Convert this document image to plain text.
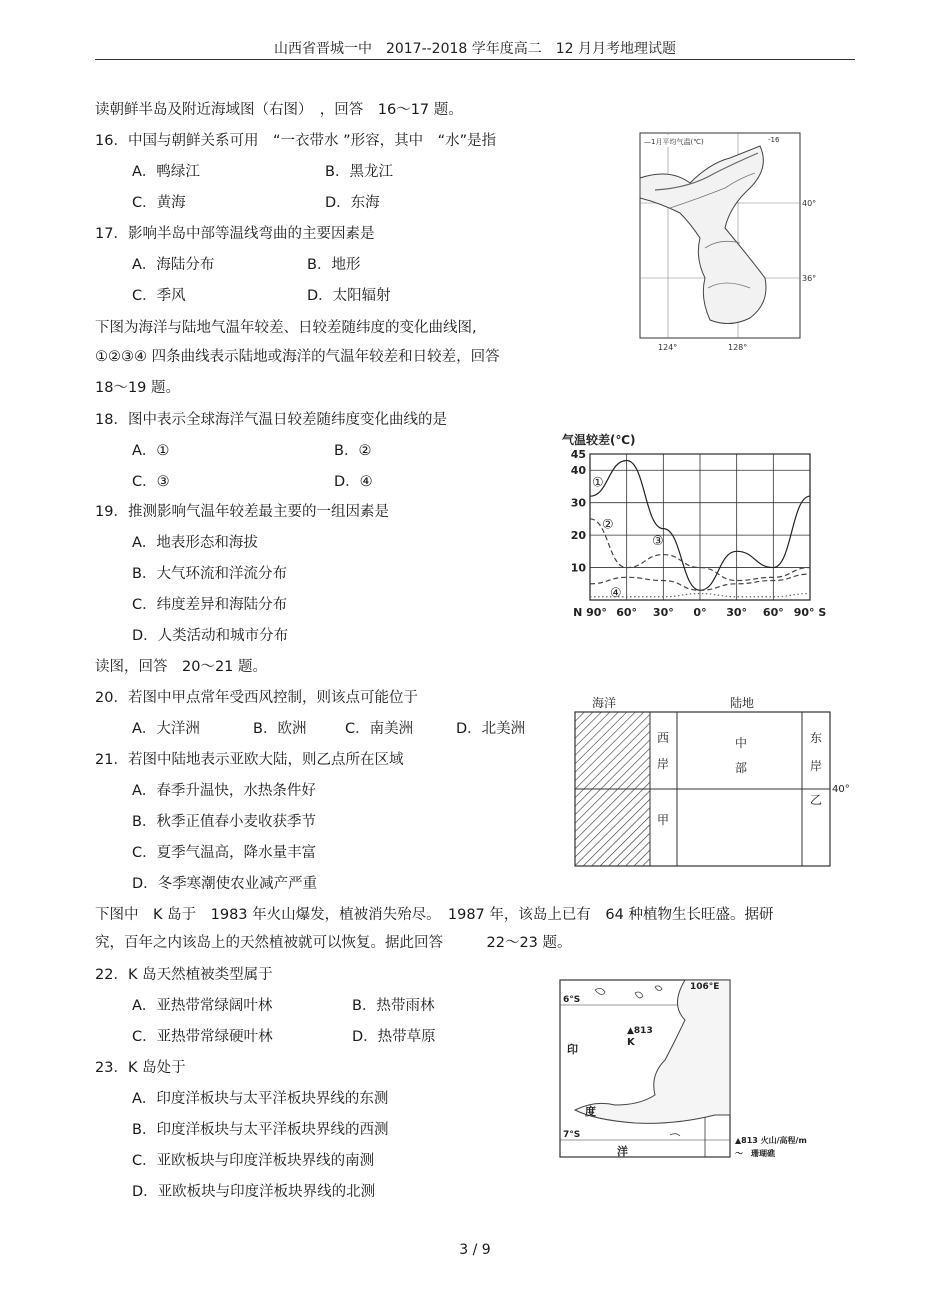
山西省晋城一中　2017--2018 学年度高二　12 月月考地理试题
读朝鲜半岛及附近海域图（右图）　，回答　16～17 题。
16．中国与朝鲜关系可用　“一衣带水 ”形容，其中　“水”是指
A．鸭绿江	B．黑龙江
C．黄海	D．东海
17．影响半岛中部等温线弯曲的主要因素是
A．海陆分布	B．地形
C．季风	D．太阳辐射
下图为海洋与陆地气温年较差、日较差随纬度的变化曲线图,
①②③④ 四条曲线表示陆地或海洋的气温年较差和日较差，回答
18～19 题。
18．图中表示全球海洋气温日较差随纬度变化曲线的是
A．①	B．②
C．③	D．④
19．推测影响气温年较差最主要的一组因素是
A．地表形态和海拔
B．大气环流和洋流分布
C．纬度差异和海陆分布
D．人类活动和城市分布
读图，回答　20～21 题。
20．若图中甲点常年受西风控制，则该点可能位于
A．大洋洲	B．欧洲	C．南美洲	D．北美洲
21．若图中陆地表示亚欧大陆，则乙点所在区域
A．春季升温快，水热条件好
B．秋季正值春小麦收获季节
C．夏季气温高，降水量丰富
D．冬季寒潮使农业减产严重
下图中　K 岛于　1983 年火山爆发，植被消失殆尽。　1987 年，该岛上已有　64 种植物生长旺盛。据研
究，百年之内该岛上的天然植被就可以恢复。据此回答　　　22～23 题。
22．K 岛天然植被类型属于
A．亚热带常绿阔叶林	B．热带雨林
C．亚热带常绿硬叶林	D．热带草原
23．K 岛处于
A．印度洋板块与太平洋板块界线的东测
B．印度洋板块与太平洋板块界线的西测
C．亚欧板块与印度洋板块界线的南测
D．亚欧板块与印度洋板块界线的北测
—1月平均气温(℃)	-16
40°
36°
124°	128°
10
20
30
40
45
N 90° 60° 30° 0° 30° 60° 90° S
气温较差(℃)
①
②
③
④
海洋	陆地
西
岸
甲
中
部
东
岸
乙
40°
106°E
6°S
7°S
印
度
洋
▲813
K
▲813 火山/高程/m
〜　珊瑚礁
3 / 9
